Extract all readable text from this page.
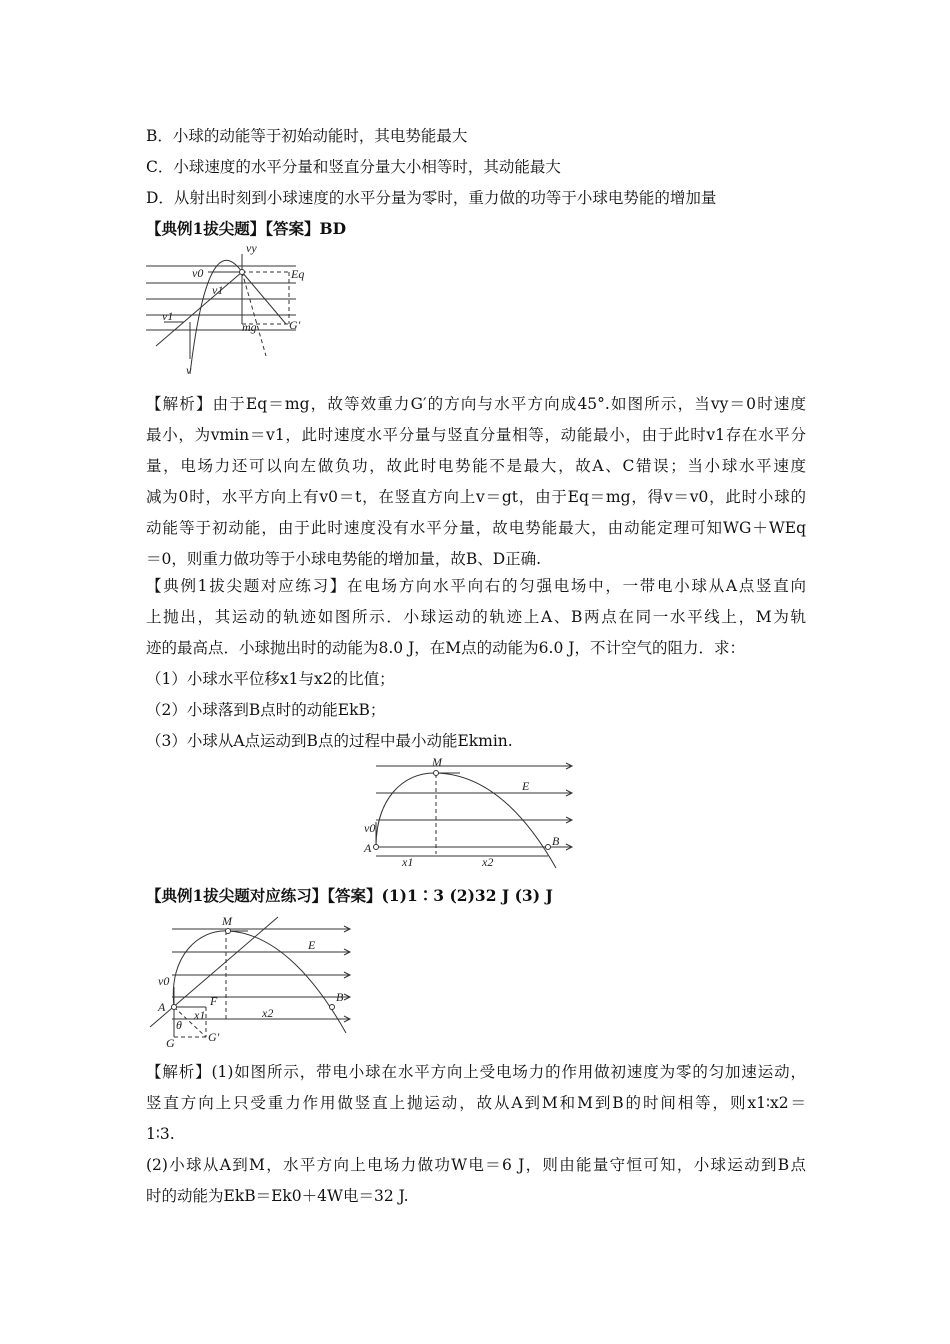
B．小球的动能等于初始动能时，其电势能最大
C．小球速度的水平分量和竖直分量大小相等时，其动能最大
D．从射出时刻到小球速度的水平分量为零时，重力做的功等于小球电势能的增加量
【典例1拔尖题】【答案】BD
vy
v0
v1
v1
v
Eq
mg	G′
【解析】由于Eq＝mg，故等效重力G′的方向与水平方向成45°.如图所示，当vy＝0时速度
最小，为vmin＝v1，此时速度水平分量与竖直分量相等，动能最小，由于此时v1存在水平分
量，电场力还可以向左做负功，故此时电势能不是最大，故A、C错误；当小球水平速度
减为0时，水平方向上有v0＝t，在竖直方向上v＝gt，由于Eq＝mg，得v＝v0，此时小球的
动能等于初动能，由于此时速度没有水平分量，故电势能最大，由动能定理可知WG＋WEq
＝0，则重力做功等于小球电势能的增加量，故B、D正确.
【典例1拔尖题对应练习】在电场方向水平向右的匀强电场中，一带电小球从A点竖直向
上抛出，其运动的轨迹如图所示．小球运动的轨迹上A、B两点在同一水平线上，M为轨
迹的最高点．小球抛出时的动能为8.0 J，在M点的动能为6.0 J，不计空气的阻力．求：
（1）小球水平位移x1与x2的比值；
（2）小球落到B点时的动能EkB；
（3）小球从A点运动到B点的过程中最小动能Ekmin.
M
E
v0
A	B
x1	x2
【典例1拔尖题对应练习】【答案】(1)1∶3 (2)32 J (3) J
M
E
v0
A	F	B
x1	x2
θ
G	G′
【解析】(1)如图所示，带电小球在水平方向上受电场力的作用做初速度为零的匀加速运动，
竖直方向上只受重力作用做竖直上抛运动，故从A到M和M到B的时间相等，则x1∶x2＝
1∶3.
(2)小球从A到M，水平方向上电场力做功W电＝6 J，则由能量守恒可知，小球运动到B点
时的动能为EkB＝Ek0＋4W电＝32 J.
